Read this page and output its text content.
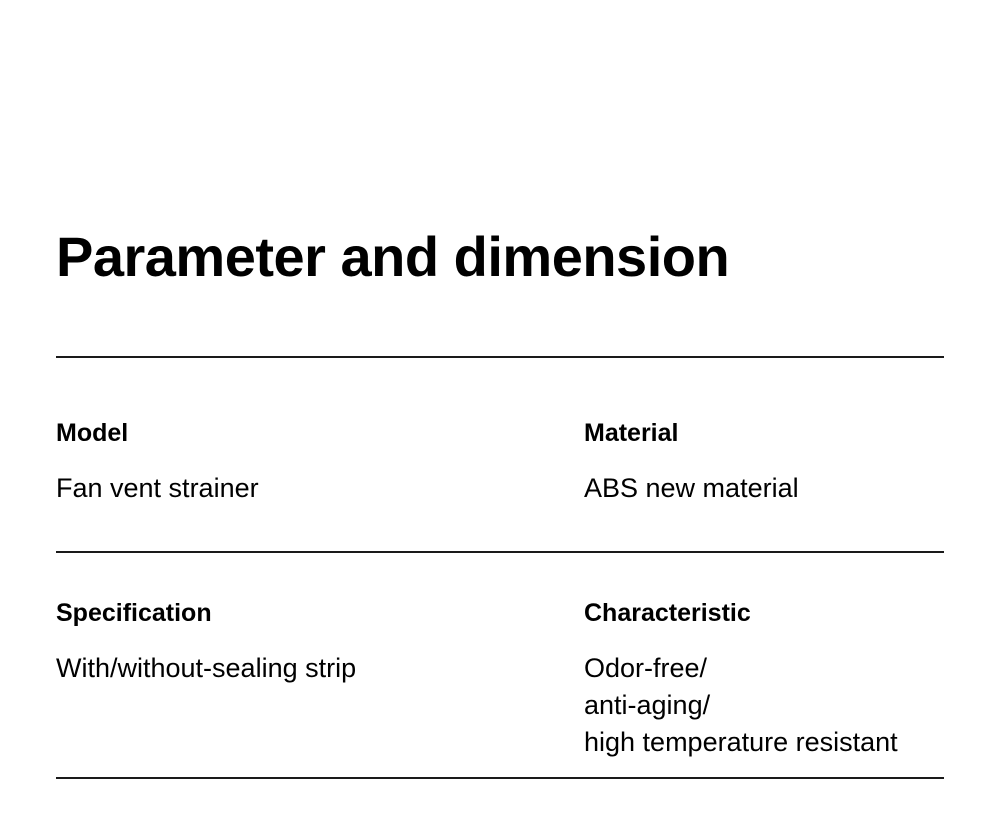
Parameter and dimension
Model
Fan vent strainer
Material
ABS new material
Specification
With/without-sealing strip
Characteristic
Odor-free/
anti-aging/
high temperature resistant
